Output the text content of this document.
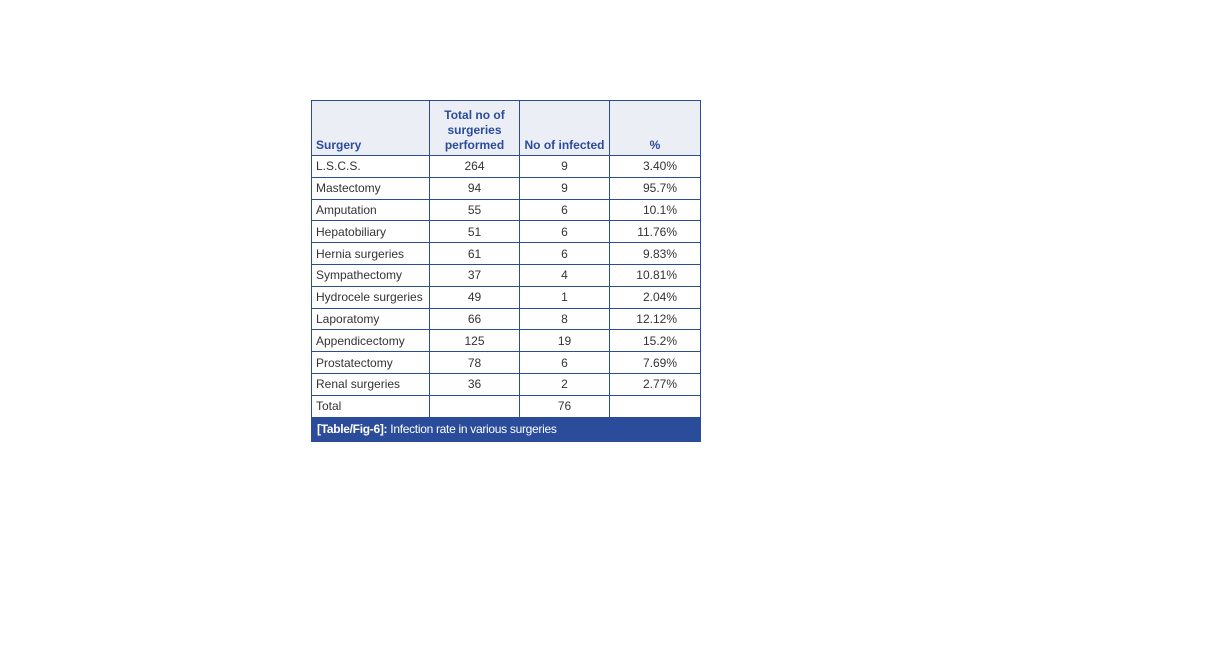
Surgery	Total no of surgeries performed	No of infected	%
L.S.C.S.	264	9	3.40%
Mastectomy	94	9	95.7%
Amputation	55	6	10.1%
Hepatobiliary	51	6	11.76%
Hernia surgeries	61	6	9.83%
Sympathectomy	37	4	10.81%
Hydrocele surgeries	49	1	2.04%
Laporatomy	66	8	12.12%
Appendicectomy	125	19	15.2%
Prostatectomy	78	6	7.69%
Renal surgeries	36	2	2.77%
Total		76	
[Table/Fig-6]: Infection rate in various surgeries
